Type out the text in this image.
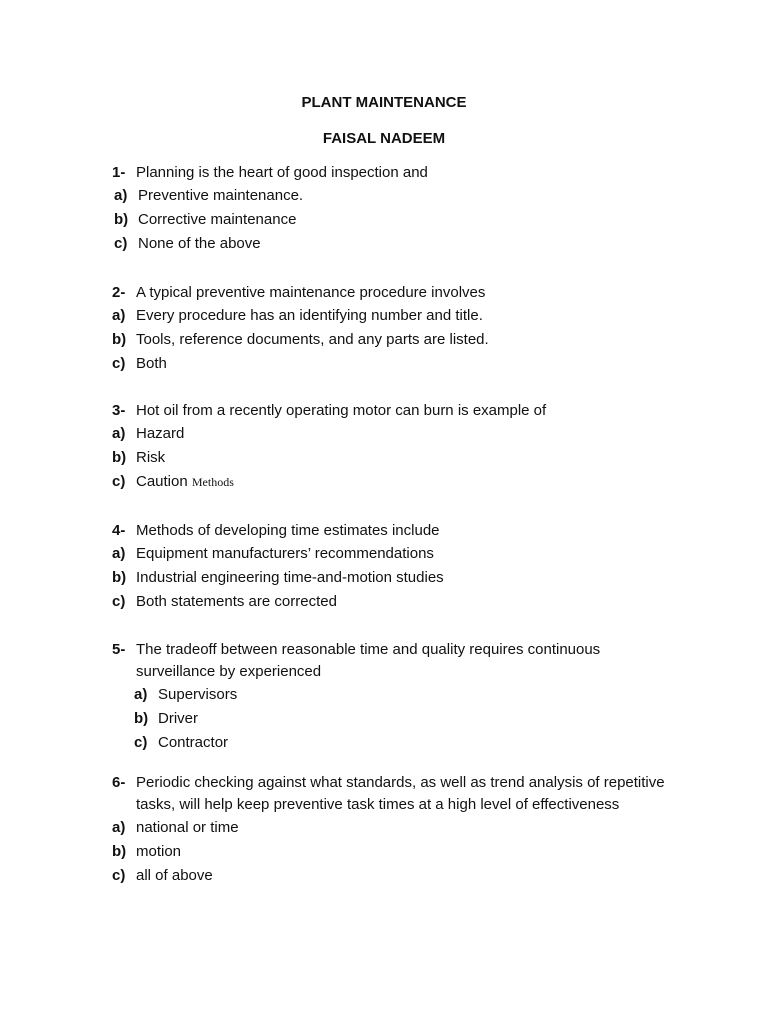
PLANT MAINTENANCE
FAISAL NADEEM
1- Planning is the heart of good inspection and
a) Preventive maintenance.
b) Corrective maintenance
c) None of the above
2- A typical preventive maintenance procedure involves
a) Every procedure has an identifying number and title.
b) Tools, reference documents, and any parts are listed.
c) Both
3- Hot oil from a recently operating motor can burn is example of
a) Hazard
b) Risk
c) Caution Methods
4- Methods of developing time estimates include
a) Equipment manufacturers’ recommendations
b) Industrial engineering time-and-motion studies
c) Both statements are corrected
5- The tradeoff between reasonable time and quality requires continuous surveillance by experienced
a) Supervisors
b) Driver
c) Contractor
6- Periodic checking against what standards, as well as trend analysis of repetitive tasks, will help keep preventive task times at a high level of effectiveness
a) national or time
b) motion
c) all of above
